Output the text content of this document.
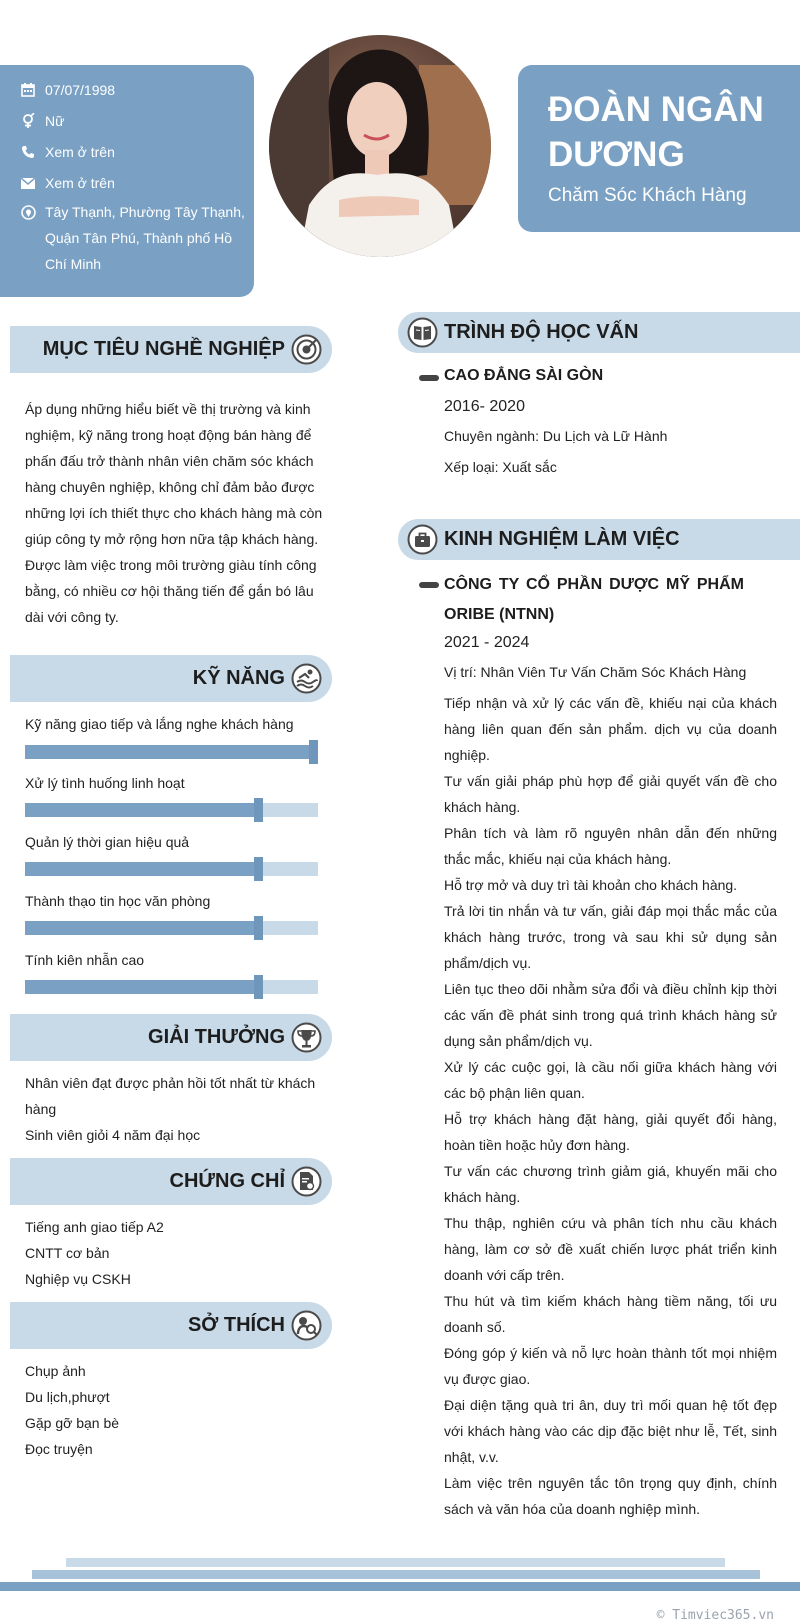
07/07/1998
Nữ
Xem ở trên
Xem ở trên
Tây Thạnh, Phường Tây Thạnh, Quận Tân Phú, Thành phố Hồ Chí Minh
ĐOÀN NGÂN DƯƠNG
Chăm Sóc Khách Hàng
MỤC TIÊU NGHỀ NGHIỆP
Áp dụng những hiểu biết về thị trường và kinh nghiệm, kỹ năng trong hoạt động bán hàng để phấn đấu trở thành nhân viên chăm sóc khách hàng chuyên nghiệp, không chỉ đảm bảo được những lợi ích thiết thực cho khách hàng mà còn giúp công ty mở rộng hơn nữa tập khách hàng. Được làm việc trong môi trường giàu tính công bằng, có nhiều cơ hội thăng tiến để gắn bó lâu dài với công ty.
KỸ NĂNG
Kỹ năng giao tiếp và lắng nghe khách hàng
Xử lý tình huống linh hoạt
Quản lý thời gian hiệu quả
Thành thạo tin học văn phòng
Tính kiên nhẫn cao
GIẢI THƯỞNG
Nhân viên đạt được phản hồi tốt nhất từ khách hàng
Sinh viên giỏi 4 năm đại học
CHỨNG CHỈ
Tiếng anh giao tiếp A2
CNTT cơ bản
Nghiệp vụ CSKH
SỞ THÍCH
Chụp ảnh
Du lịch,phượt
Gặp gỡ bạn bè
Đọc truyện
TRÌNH ĐỘ HỌC VẤN
CAO ĐẲNG SÀI GÒN
2016- 2020
Chuyên ngành: Du Lịch và Lữ Hành
Xếp loại: Xuất sắc
KINH NGHIỆM LÀM VIỆC
CÔNG TY CỔ PHẦN DƯỢC MỸ PHẨM ORIBE (NTNN)
2021 - 2024
Vị trí: Nhân Viên Tư Vấn Chăm Sóc Khách Hàng
Tiếp nhận và xử lý các vấn đề, khiếu nại của khách hàng liên quan đến sản phẩm. dịch vụ của doanh nghiệp.
Tư vấn giải pháp phù hợp để giải quyết vấn đề cho khách hàng.
Phân tích và làm rõ nguyên nhân dẫn đến những thắc mắc, khiếu nại của khách hàng.
Hỗ trợ mở và duy trì tài khoản cho khách hàng.
Trả lời tin nhắn và tư vấn, giải đáp mọi thắc mắc của khách hàng trước, trong và sau khi sử dụng sản phẩm/dịch vụ.
Liên tục theo dõi nhằm sửa đổi và điều chỉnh kịp thời các vấn đề phát sinh trong quá trình khách hàng sử dụng sản phẩm/dịch vụ.
Xử lý các cuộc gọi, là cầu nối giữa khách hàng với các bộ phận liên quan.
Hỗ trợ khách hàng đặt hàng, giải quyết đổi hàng, hoàn tiền hoặc hủy đơn hàng.
Tư vấn các chương trình giảm giá, khuyến mãi cho khách hàng.
Thu thập, nghiên cứu và phân tích nhu cầu khách hàng, làm cơ sở đề xuất chiến lược phát triển kinh doanh với cấp trên.
Thu hút và tìm kiếm khách hàng tiềm năng, tối ưu doanh số.
Đóng góp ý kiến và nỗ lực hoàn thành tốt mọi nhiệm vụ được giao.
Đại diện tặng quà tri ân, duy trì mối quan hệ tốt đẹp với khách hàng vào các dịp đặc biệt như lễ, Tết, sinh nhật, v.v.
Làm việc trên nguyên tắc tôn trọng quy định, chính sách và văn hóa của doanh nghiệp mình.
© Timviec365.vn
